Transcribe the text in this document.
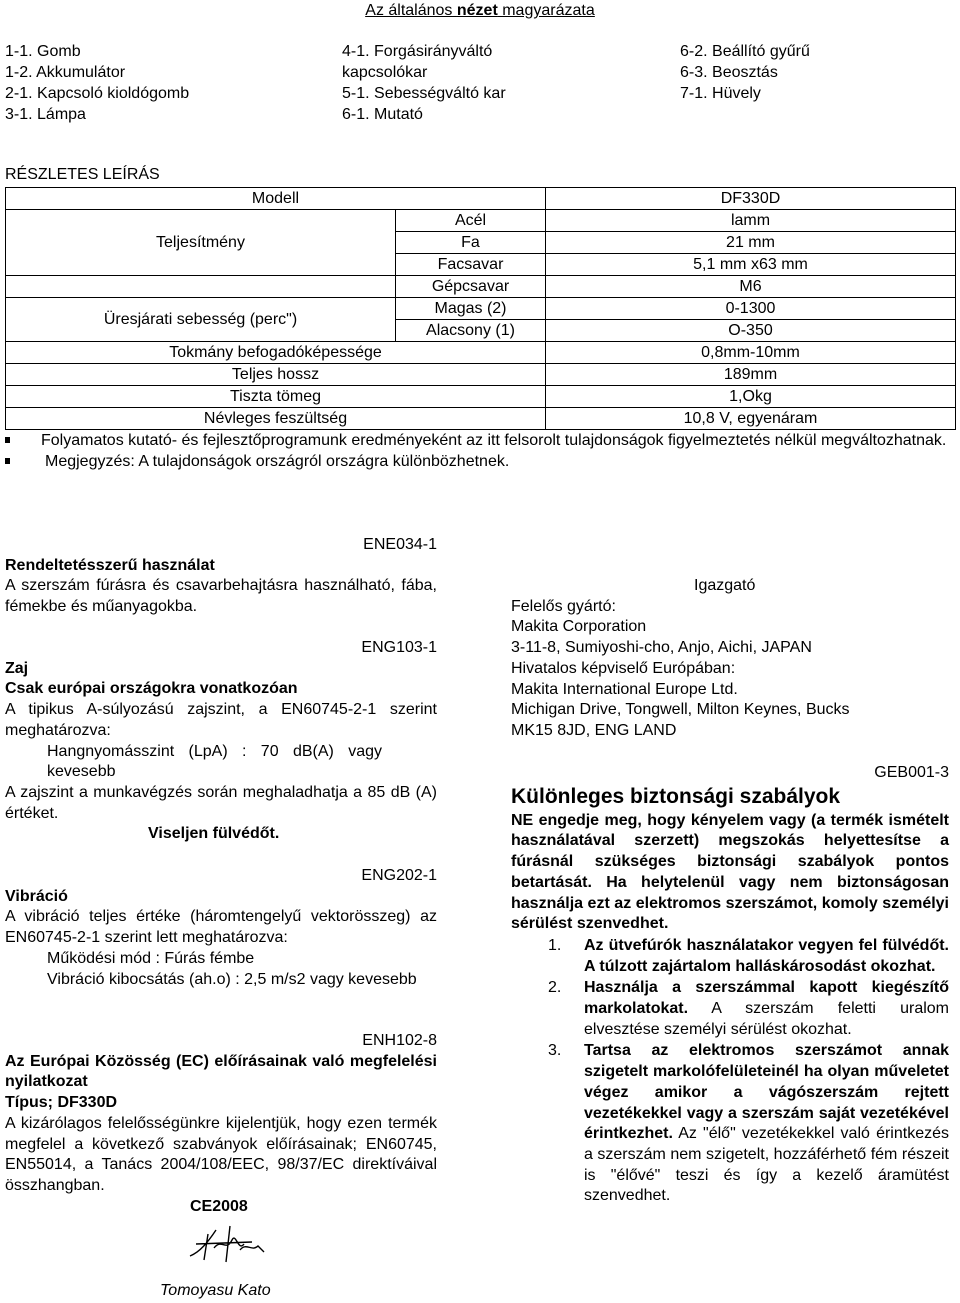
Az általános nézet magyarázata
1-1. Gomb
1-2. Akkumulátor
2-1. Kapcsoló kioldógomb
3-1. Lámpa
4-1. Forgásirányváltó
kapcsolókar
5-1. Sebességváltó kar
6-1. Mutató
6-2. Beállító gyűrű
6-3. Beosztás
7-1. Hüvely
RÉSZLETES LEÍRÁS
Modell		DF330D
Teljesítmény	Acél	lamm
	Fa	21 mm
	Facsavar	5,1 mm x63 mm
	Gépcsavar	M6
Üresjárati sebesség (perc")	Magas (2)	0-1300
	Alacsony (1)	O-350
Tokmány befogadóképessége		0,8mm-10mm
Teljes hossz		189mm
Tiszta tömeg		1,Okg
Névleges feszültség		10,8 V, egyenáram
Folyamatos kutató- és fejlesztőprogramunk eredményeként az itt felsorolt tulajdonságok figyelmeztetés nélkül megváltozhatnak.
Megjegyzés: A tulajdonságok országról országra különbözhetnek.
ENE034-1
Rendeltetésszerű használat
A szerszám fúrásra és csavarbehajtásra használható, fába, fémekbe és műanyagokba.
ENG103-1
Zaj
Csak európai országokra vonatkozóan
A tipikus A-súlyozású zajszint, a EN60745-2-1 szerint meghatározva:
Hangnyomásszint (LpA) : 70 dB(A) vagy kevesebb
A zajszint a munkavégzés során meghaladhatja a 85 dB (A) értéket.
Viseljen fülvédőt.
ENG202-1
Vibráció
A vibráció teljes értéke (háromtengelyű vektorösszeg) az EN60745-2-1 szerint lett meghatározva:
Működési mód : Fúrás fémbe
Vibráció kibocsátás (ah.o) : 2,5 m/s2 vagy kevesebb
ENH102-8
Az Európai Közösség (EC) előírásainak való megfelelési nyilatkozat
Típus; DF330D
A kizárólagos felelősségünkre kijelentjük, hogy ezen termék megfelel a következő szabványok előírásainak; EN60745, EN55014, a Tanács 2004/108/EEC, 98/37/EC direktíváival összhangban.
CE2008
Tomoyasu Kato
Igazgató
Felelős gyártó:
Makita Corporation
3-11-8, Sumiyoshi-cho, Anjo, Aichi, JAPAN
Hivatalos képviselő Európában:
Makita International Europe Ltd.
Michigan Drive, Tongwell, Milton Keynes, Bucks
MK15 8JD, ENG LAND
GEB001-3
Különleges biztonsági szabályok
NE engedje meg, hogy kényelem vagy (a termék ismételt használatával szerzett) megszokás helyettesítse a fúrásnál szükséges biztonsági szabályok pontos betartását. Ha helytelenül vagy nem biztonságosan használja ezt az elektromos szerszámot, komoly személyi sérülést szenvedhet.
1. Az ütvefúrók használatakor vegyen fel fülvédőt. A túlzott zajártalom halláskárosodást okozhat.
2. Használja a szerszámmal kapott kiegészítő markolatokat. A szerszám feletti uralom elvesztése személyi sérülést okozhat.
3. Tartsa az elektromos szerszámot annak szigetelt markolófelületeinél ha olyan műveletet végez amikor a vágószerszám rejtett vezetékekkel vagy a szerszám saját vezetékével érintkezhet. Az "élő" vezetékekkel való érintkezés a szerszám nem szigetelt, hozzáférhető fém részeit is "élővé" teszi és így a kezelő áramütést szenvedhet.
